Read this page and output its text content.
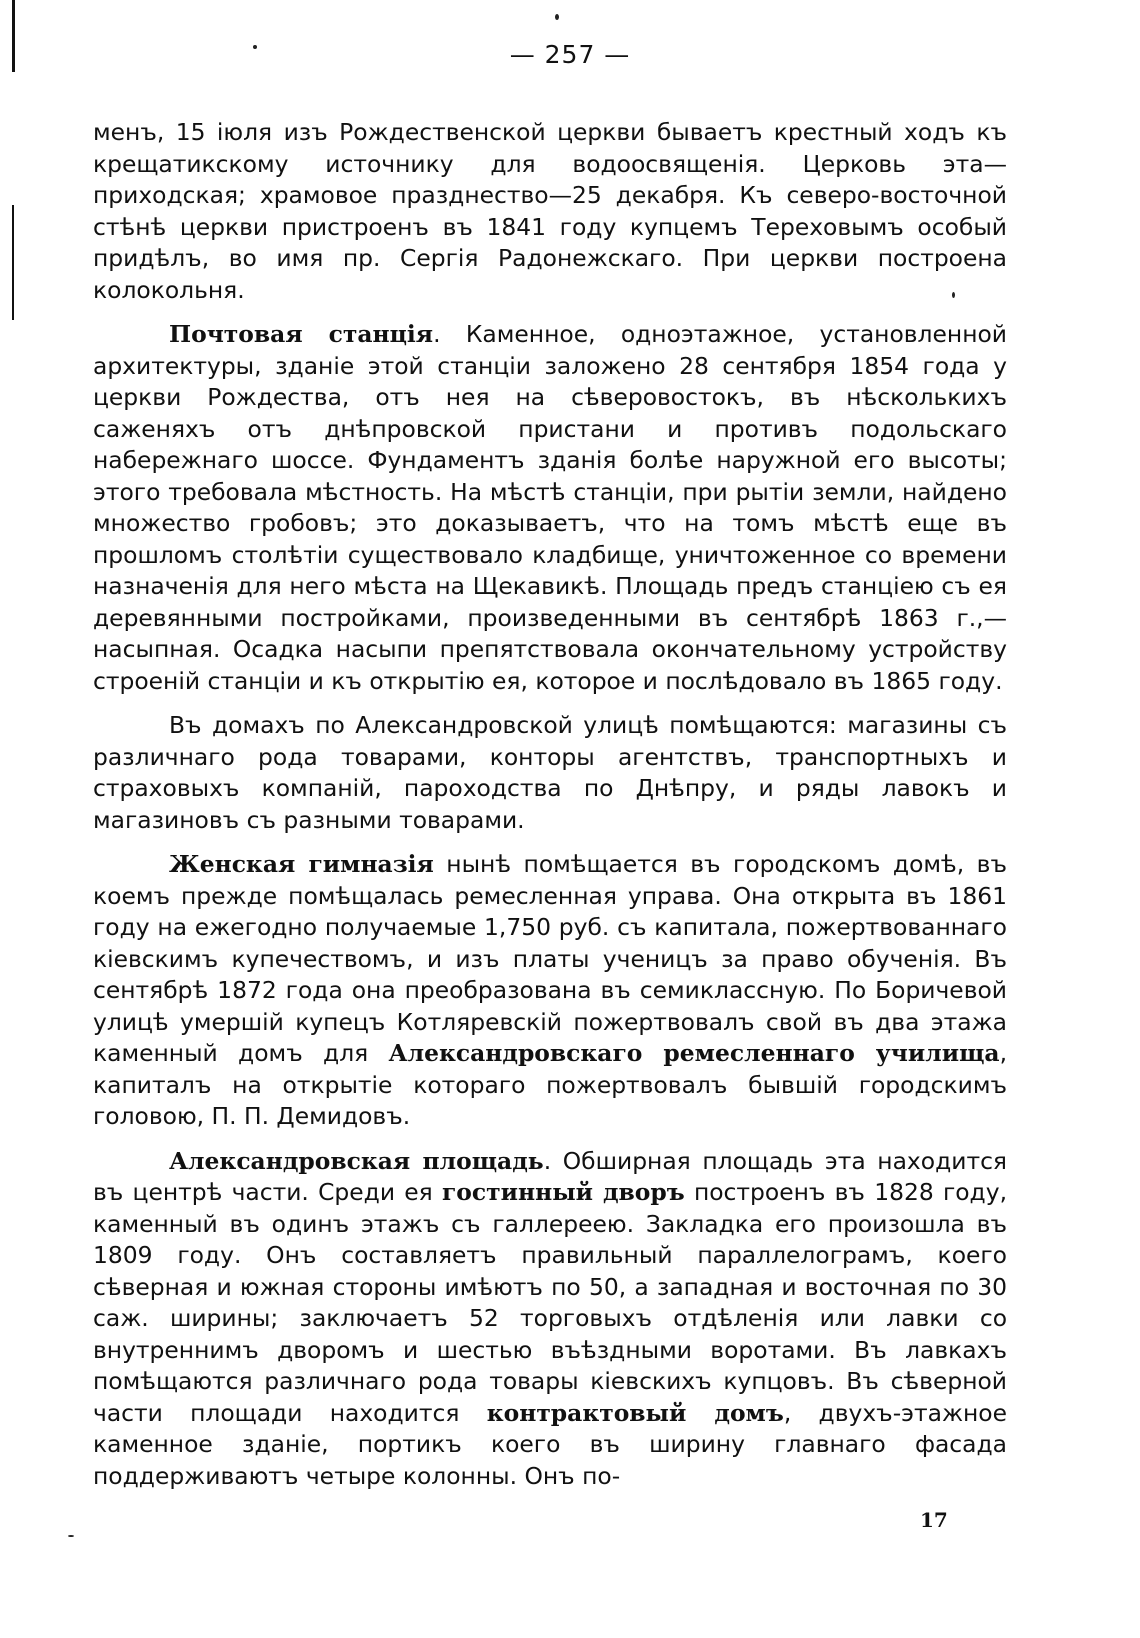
— 257 —

менъ, 15 іюля изъ Рождественской церкви бываетъ крестный ходъ къ крещатикскому источнику для водоосвященія. Церковь эта—приходская; храмовое празднество—25 декабря. Къ северо-восточной стѣнѣ церкви пристроенъ въ 1841 году купцемъ Тереховымъ особый придѣлъ, во имя пр. Сергія Радонежскаго. При церкви построена колокольня.

Почтовая станція. Каменное, одноэтажное, установленной архитектуры, зданіе этой станціи заложено 28 сентября 1854 года у церкви Рождества, отъ нея на сѣверовостокъ, въ нѣсколькихъ саженяхъ отъ днѣпровской пристани и противъ подольскаго набережнаго шоссе. Фундаментъ зданія болѣе наружной его высоты; этого требовала мѣстность. На мѣстѣ станціи, при рытіи земли, найдено множество гробовъ; это доказываетъ, что на томъ мѣстѣ еще въ прошломъ столѣтіи существовало кладбище, уничтоженное со времени назначенія для него мѣста на Щекавикѣ. Площадь предъ станціею съ ея деревянными постройками, произведенными въ сентябрѣ 1863 г.,—насыпная. Осадка насыпи препятствовала окончательному устройству строеній станціи и къ открытію ея, которое и послѣдовало въ 1865 году.

Въ домахъ по Александровской улицѣ помѣщаются: магазины съ различнаго рода товарами, конторы агентствъ, транспортныхъ и страховыхъ компаній, пароходства по Днѣпру, и ряды лавокъ и магазиновъ съ разными товарами.

Женская гимназія нынѣ помѣщается въ городскомъ домѣ, въ коемъ прежде помѣщалась ремесленная управа. Она открыта въ 1861 году на ежегодно получаемые 1,750 руб. съ капитала, пожертвованнаго кіевскимъ купечествомъ, и изъ платы ученицъ за право обученія. Въ сентябрѣ 1872 года она преобразована въ семиклассную. По Боричевой улицѣ умершій купецъ Котляревскій пожертвовалъ свой въ два этажа каменный домъ для Александровскаго ремесленнаго училища, капиталъ на открытіе котораго пожертвовалъ бывшій городскимъ головою, П. П. Демидовъ.

Александровская площадь. Обширная площадь эта находится въ центрѣ части. Среди ея гостинный дворъ построенъ въ 1828 году, каменный въ одинъ этажъ съ галлереею. Закладка его произошла въ 1809 году. Онъ составляетъ правильный параллелограмъ, коего сѣверная и южная стороны имѣютъ по 50, а западная и восточная по 30 саж. ширины; заключаетъ 52 торговыхъ отдѣленія или лавки со внутреннимъ дворомъ и шестью въѣздными воротами. Въ лавкахъ помѣщаются различнаго рода товары кіевскихъ купцовъ. Въ сѣверной части площади находится контрактовый домъ, двухъ-этажное каменное зданіе, портикъ коего въ ширину главнаго фасада поддерживаютъ четыре колонны. Онъ по-

17
